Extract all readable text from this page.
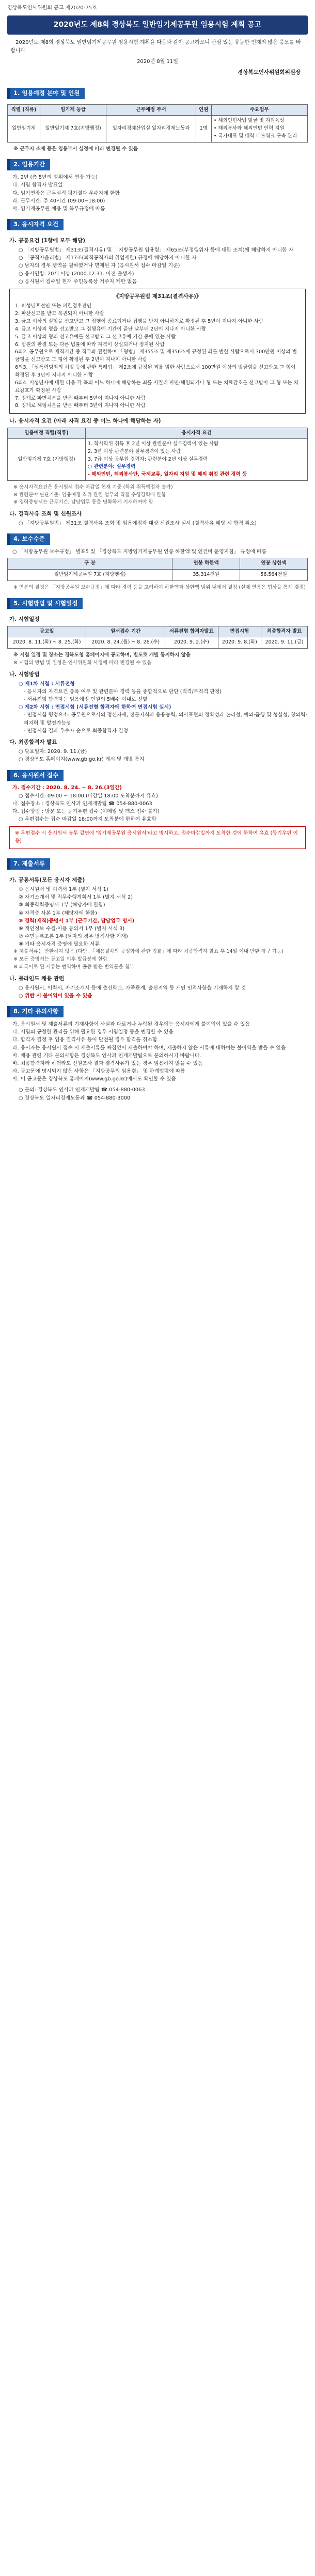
경상북도인사위원회 공고 제2020-75호
2020년도 제8회 경상북도 일반임기제공무원 임용시험 계획 공고

2020년도 제8회 경상북도 일반임기제공무원 임용시험 계획을 다음과 같이 공고하오니 관심 있는 유능한 인재의 많은 응모를 바랍니다.

2020년 8월 11일
경상북도인사위원회위원장
1. 임용예정 분야 및 인원
직렬 (직류)	임기제 등급	근무예정 부서	인원	주요업무
일반임기제	일반임기제 7호(지방행정)	일자리경제산업실 일자리경제노동과	1명	• 해외인턴사업 발굴 및 지원육성
• 해외봉사와 해외인턴 인력 지원
• 국가대표 및 대학 네트워크 구축 관리
※ 근무지 소재 등은 임용부서 실정에 따라 변경될 수 있음
2. 임용기간
가. 2년 (총 5년의 범위에서 연장 가능)
나. 시험 합격자 발표일
다. 임기연장은 근무실적 평가결과 우수자에 한함
라. 근무시간: 주 40시간 (09:00~18:00)
마. 임기제공무원 채용 및 복무규정에 따름
3. 응시자격 요건
가. 공통요건 (1항에 모두 해당)
○ 「지방공무원법」 제31조(결격사유) 및 「지방공무원 임용령」 제65조(부정행위자 등에 대한 조치)에 해당하지 아니한 자
○ 「공직자윤리법」 제17조(퇴직공직자의 취업제한) 규정에 해당하지 아니한 자
○ 남자의 경우 병역을 필하였거나 면제된 자 (응시원서 접수 마감일 기준)
○ 응시연령: 20세 이상 (2000.12.31. 이전 출생자)
○ 응시원서 접수일 현재 주민등록상 거주지 제한 없음
《지방공무원법 제31조(결격사유)》
1. 피성년후견인 또는 피한정후견인
2. 파산선고를 받고 복권되지 아니한 사람
3. 금고 이상의 실형을 선고받고 그 집행이 종료되거나 집행을 받지 아니하기로 확정된 후 5년이 지나지 아니한 사람
4. 금고 이상의 형을 선고받고 그 집행유예 기간이 끝난 날부터 2년이 지나지 아니한 사람
5. 금고 이상의 형의 선고유예를 선고받고 그 선고유예 기간 중에 있는 사람
6. 법원의 판결 또는 다른 법률에 따라 자격이 상실되거나 정지된 사람
6의2. 공무원으로 재직기간 중 직무와 관련하여 「형법」 제355조 및 제356조에 규정된 죄를 범한 사람으로서 300만원 이상의 벌금형을 선고받고 그 형이 확정된 후 2년이 지나지 아니한 사람
6의3. 「성폭력범죄의 처벌 등에 관한 특례법」 제2조에 규정된 죄를 범한 사람으로서 100만원 이상의 벌금형을 선고받고 그 형이 확정된 후 3년이 지나지 아니한 사람
6의4. 미성년자에 대한 다음 각 목의 어느 하나에 해당하는 죄를 저질러 파면·해임되거나 형 또는 치료감호를 선고받아 그 형 또는 치료감호가 확정된 사람
7. 징계로 파면처분을 받은 때부터 5년이 지나지 아니한 사람
8. 징계로 해임처분을 받은 때부터 3년이 지나지 아니한 사람
나. 응시자격 요건 (아래 자격 요건 중 어느 하나에 해당하는 자)
임용예정 직렬(직류)	응시자격 요건
일반임기제 7호 (지방행정)	1. 학사학위 취득 후 2년 이상 관련분야 실무경력이 있는 사람
2. 3년 이상 관련분야 실무경력이 있는 사람
3. 7급 이상 공무원 경력자: 관련분야 2년 이상 실무경력
○ 관련분야: 실무경력
- 해외인턴, 해외봉사단, 국제교류, 일자리 지원 및 해외 취업 관련 경력 등
※ 응시자격요건은 응시원서 접수 마감일 현재 기준 (학위 취득예정자 불가)
※ 관련분야 판단기준: 임용예정 직위 관련 업무의 직접 수행경력에 한함
※ 경력증명서는 근무기간, 담당업무 등을 명확하게 기재하여야 함
다. 결격사유 조회 및 신원조사
○ 「지방공무원법」 제31조 결격사유 조회 및 임용예정자 대상 신원조사 실시 (결격사유 해당 시 합격 취소)
4. 보수수준
○ 「지방공무원 보수규정」 별표5 및 「경상북도 지방임기제공무원 연봉 하한액 및 인건비 운영지침」 규정에 따름
구 분	연봉 하한액	연봉 상한액
일반임기제공무원 7호 (지방행정)	35,314천원	56,564천원
※ 연봉의 결정은 「지방공무원 보수규정」에 따라 경력 등을 고려하여 하한액과 상한액 범위 내에서 결정 (실제 연봉은 협상을 통해 결정)
5. 시험방법 및 시험일정
가. 시험일정
공고일	원서접수 기간	서류전형 합격자발표	면접시험	최종합격자 발표
2020. 8. 11.(화) ~ 8. 25.(화)	2020. 8. 24.(월) ~ 8. 26.(수)	2020. 9. 2.(수)	2020. 9. 8.(화)	2020. 9. 11.(금)
※ 시험 일정 및 장소는 경북도청 홈페이지에 공고하며, 별도로 개별 통지하지 않음
※ 시험의 방법 및 일정은 인사위원회 사정에 따라 변경될 수 있음
나. 시험방법
○ 제1차 시험 : 서류전형
- 응시자의 자격요건 충족 여부 및 관련분야 경력 등을 종합적으로 판단 (적격/부적격 판정)
- 서류전형 합격자는 임용예정 인원의 5배수 이내로 선발
○ 제2차 시험 : 면접시험 (서류전형 합격자에 한하여 면접시험 실시)
- 면접시험 평정요소: 공무원으로서의 정신자세, 전문지식과 응용능력, 의사표현의 정확성과 논리성, 예의·품행 및 성실성, 창의력·의지력 및 발전가능성
- 면접시험 결과 우수자 순으로 최종합격자 결정
다. 최종합격자 발표
○ 발표일자: 2020. 9. 11.(금)
○ 경상북도 홈페이지(www.gb.go.kr) 게시 및 개별 통지
6. 응시원서 접수
가. 접수기간 : 2020. 8. 24. ~ 8. 26.(3일간)
○ 접수시간: 09:00 ~ 18:00 (마감일 18:00 도착분까지 유효)
나. 접수장소 : 경상북도 인사과 인재개발팀 ☎ 054-880-0063
다. 접수방법 : 방문 또는 등기우편 접수 (이메일 및 팩스 접수 불가)
○ 우편접수는 접수 마감일 18:00까지 도착분에 한하여 유효함
※ 우편접수 시 응시원서 봉투 겉면에 '임기제공무원 응시원서'라고 명시하고, 접수마감일까지 도착한 것에 한하여 유효 (등기우편 이용)
7. 제출서류
가. 공통서류(모든 응시자 제출)
① 응시원서 및 이력서 1부 (별지 서식 1)
② 자기소개서 및 직무수행계획서 1부 (별지 서식 2)
③ 최종학력증명서 1부 (해당자에 한함)
④ 자격증 사본 1부 (해당자에 한함)
⑤ 경력(재직)증명서 1부 (근무기간, 담당업무 명시)
⑥ 개인정보 수집·이용 동의서 1부 (별지 서식 3)
⑦ 주민등록초본 1부 (남자의 경우 병적사항 기재)
⑧ 기타 응시자격 증명에 필요한 서류
※ 제출서류는 반환하지 않음 (다만, 「채용절차의 공정화에 관한 법률」에 따라 최종합격자 발표 후 14일 이내 반환 청구 가능)
※ 모든 증명서는 공고일 이후 발급분에 한함
※ 외국어로 된 서류는 번역하여 공증 받은 번역문을 첨부
나. 블라인드 채용 관련
○ 응시원서, 이력서, 자기소개서 등에 출신학교, 가족관계, 출신지역 등 개인 인적사항을 기재하지 말 것
○ 위반 시 불이익이 있을 수 있음
8. 기타 유의사항
가. 응시원서 및 제출서류의 기재사항이 사실과 다르거나 누락된 경우에는 응시자에게 불이익이 있을 수 있음
나. 시험의 공정한 관리를 위해 필요한 경우 시험일정 등을 변경할 수 있음
다. 합격자 결정 후 임용 결격사유 등이 발견될 경우 합격을 취소함
라. 응시자는 응시원서 접수 시 제출서류를 빠짐없이 제출하여야 하며, 제출하지 않은 서류에 대하여는 불이익을 받을 수 있음
마. 채용 관련 기타 문의사항은 경상북도 인사과 인재개발팀으로 문의하시기 바랍니다.
바. 최종합격자라 하더라도 신원조사 결과 결격사유가 있는 경우 임용하지 않을 수 있음
사. 공고문에 명시되지 않은 사항은 「지방공무원 임용령」 및 관계법령에 따름
아. 이 공고문은 경상북도 홈페이지(www.gb.go.kr)에서도 확인할 수 있음
○ 문의: 경상북도 인사과 인재개발팀 ☎ 054-880-0063
○ 경상북도 일자리경제노동과 ☎ 054-880-3000
